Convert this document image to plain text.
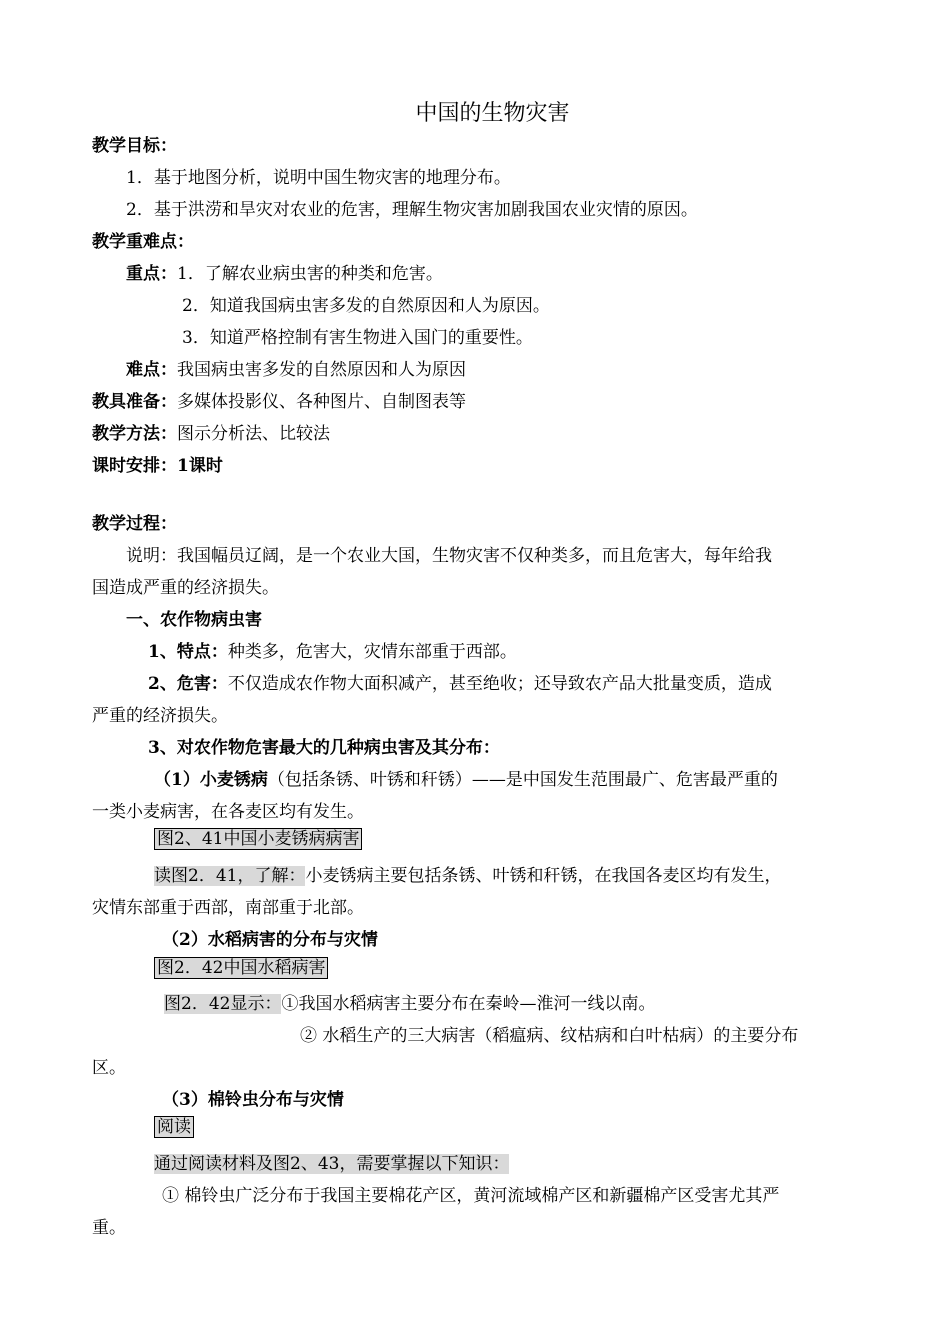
中国的生物灾害
教学目标：
1．基于地图分析，说明中国生物灾害的地理分布。
2．基于洪涝和旱灾对农业的危害，理解生物灾害加剧我国农业灾情的原因。
教学重难点：
重点：1．了解农业病虫害的种类和危害。
2．知道我国病虫害多发的自然原因和人为原因。
3．知道严格控制有害生物进入国门的重要性。
难点：我国病虫害多发的自然原因和人为原因
教具准备：多媒体投影仪、各种图片、自制图表等
教学方法：图示分析法、比较法
课时安排：1课时
教学过程：
说明：我国幅员辽阔，是一个农业大国，生物灾害不仅种类多，而且危害大，每年给我
国造成严重的经济损失。
一、农作物病虫害
1、特点：种类多，危害大，灾情东部重于西部。
2、危害：不仅造成农作物大面积减产，甚至绝收；还导致农产品大批量变质，造成
严重的经济损失。
3、对农作物危害最大的几种病虫害及其分布：
（1）小麦锈病（包括条锈、叶锈和秆锈）——是中国发生范围最广、危害最严重的
一类小麦病害，在各麦区均有发生。
图2、41中国小麦锈病病害
读图2．41，了解：小麦锈病主要包括条锈、叶锈和秆锈，在我国各麦区均有发生，
灾情东部重于西部，南部重于北部。
（2）水稻病害的分布与灾情
图2．42中国水稻病害
图2．42显示：①我国水稻病害主要分布在秦岭—淮河一线以南。
② 水稻生产的三大病害（稻瘟病、纹枯病和白叶枯病）的主要分布
区。
（3）棉铃虫分布与灾情
阅读
通过阅读材料及图2、43，需要掌握以下知识：
① 棉铃虫广泛分布于我国主要棉花产区，黄河流域棉产区和新疆棉产区受害尤其严
重。
